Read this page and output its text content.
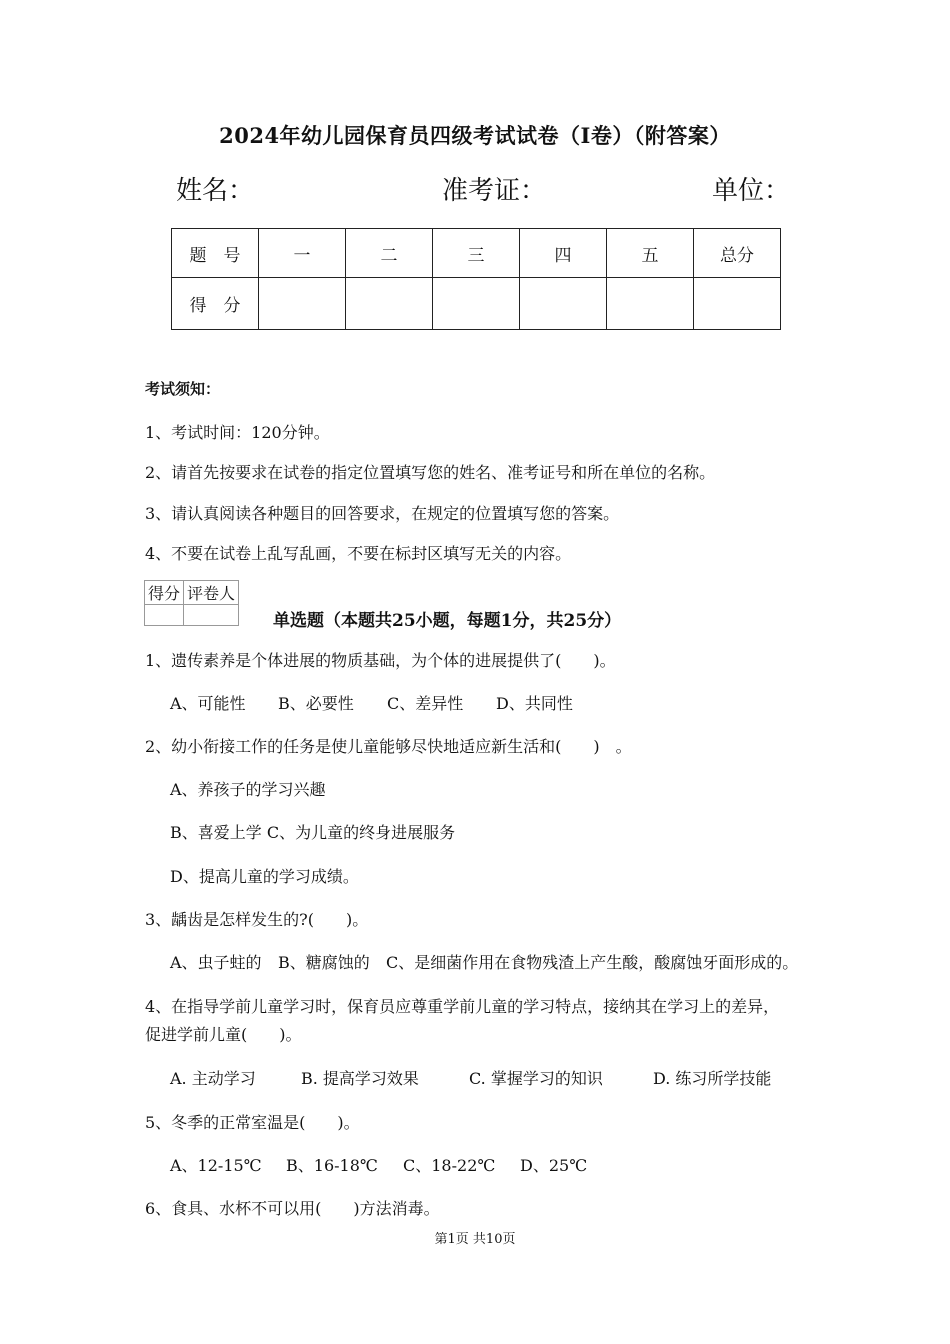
2024年幼儿园保育员四级考试试卷（I卷）（附答案）
姓名：	准考证：	单位：
题　号	一	二	三	四	五	总分
得　分						
考试须知：
1、考试时间：120分钟。
2、请首先按要求在试卷的指定位置填写您的姓名、准考证号和所在单位的名称。
3、请认真阅读各种题目的回答要求，在规定的位置填写您的答案。
4、不要在试卷上乱写乱画，不要在标封区填写无关的内容。
得分	评卷人

单选题（本题共25小题，每题1分，共25分）
1、遗传素养是个体进展的物质基础，为个体的进展提供了(　　)。
A、可能性 B、必要性 C、差异性 D、共同性
2、幼小衔接工作的任务是使儿童能够尽快地适应新生活和(　　)　。
A、养孩子的学习兴趣
B、喜爱上学 C、为儿童的终身进展服务
D、提高儿童的学习成绩。
3、龋齿是怎样发生的?(　　)。
A、虫子蛀的 B、糖腐蚀的 C、是细菌作用在食物残渣上产生酸，酸腐蚀牙面形成的。
4、在指导学前儿童学习时，保育员应尊重学前儿童的学习特点，接纳其在学习上的差异，
促进学前儿童(　　)。
A. 主动学习	B. 提高学习效果	C. 掌握学习的知识	D. 练习所学技能
5、冬季的正常室温是(　　)。
A、12-15℃ B、16-18℃ C、18-22℃ D、25℃
6、食具、水杯不可以用(　　)方法消毒。
第1页 共10页
